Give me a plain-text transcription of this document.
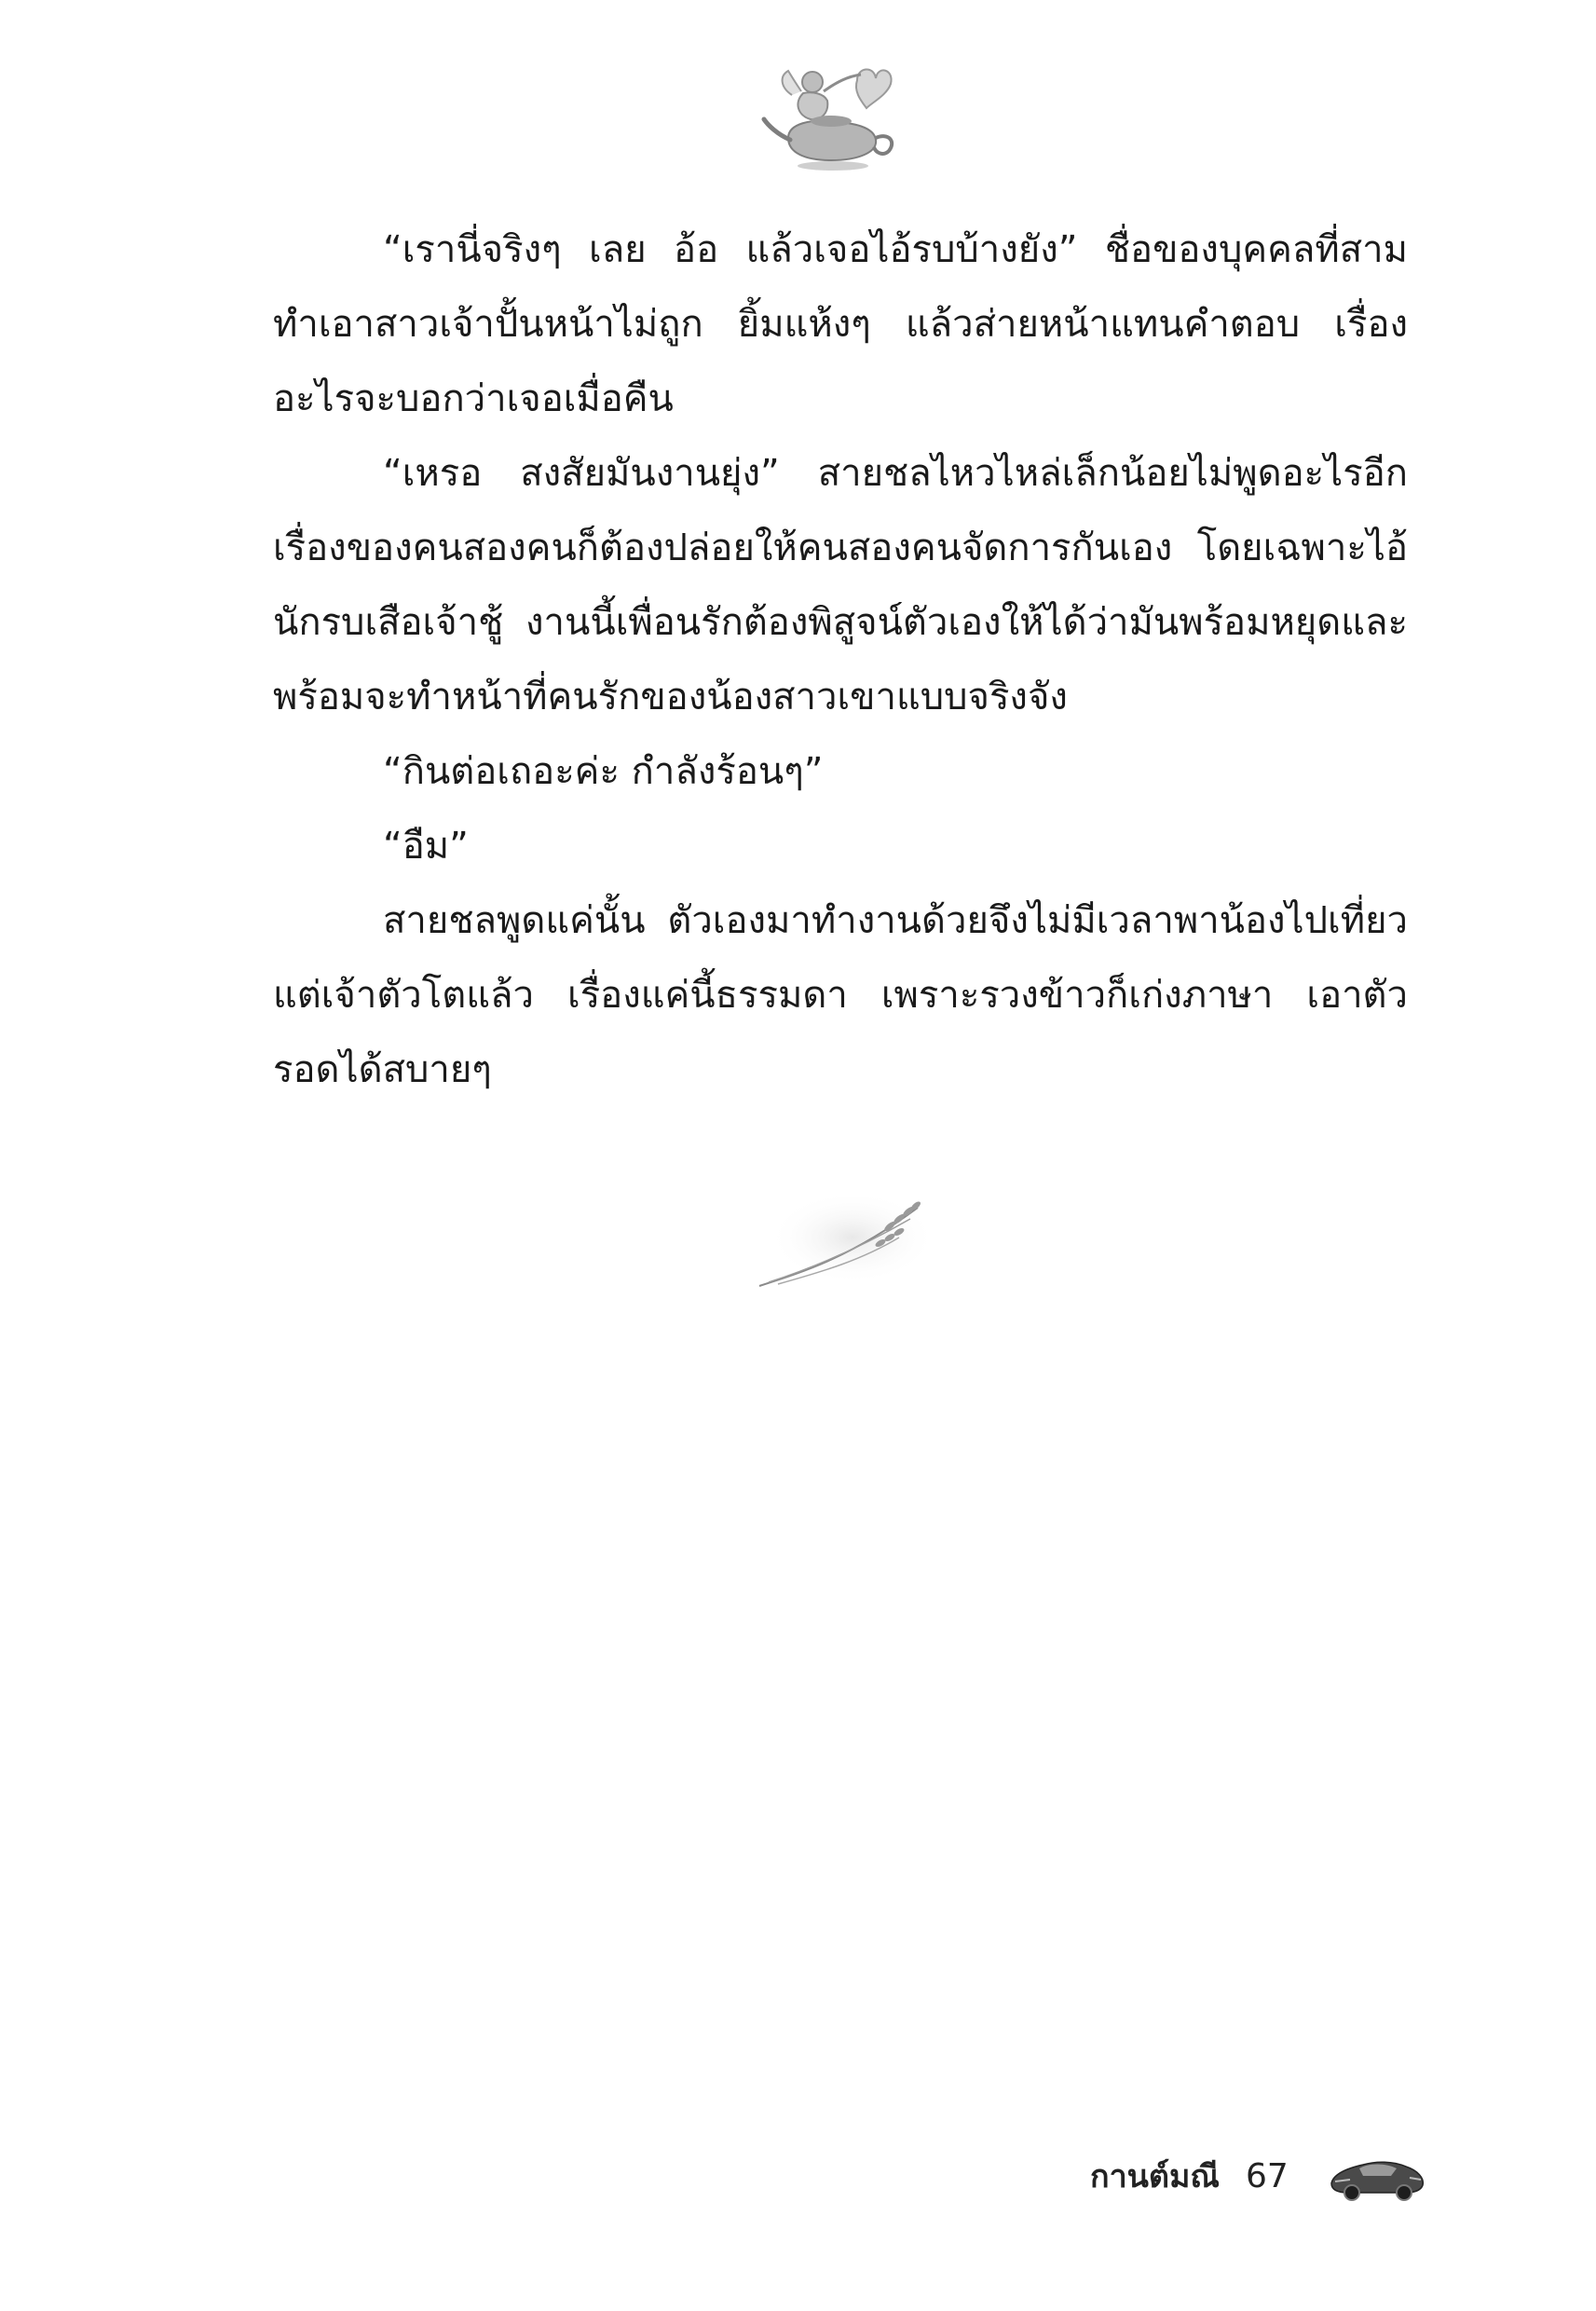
“เรานี่จริงๆ เลย อ้อ แล้วเจอไอ้รบบ้างยัง” ชื่อของบุคคลที่สามทำเอาสาวเจ้าปั้นหน้าไม่ถูก ยิ้มแห้งๆ แล้วส่ายหน้าแทนคำตอบ เรื่องอะไรจะบอกว่าเจอเมื่อคืน

“เหรอ สงสัยมันงานยุ่ง” สายชลไหวไหล่เล็กน้อยไม่พูดอะไรอีก เรื่องของคนสองคนก็ต้องปล่อยให้คนสองคนจัดการกันเอง โดยเฉพาะไอ้นักรบเสือเจ้าชู้ งานนี้เพื่อนรักต้องพิสูจน์ตัวเองให้ได้ว่ามันพร้อมหยุดและพร้อมจะทำหน้าที่คนรักของน้องสาวเขาแบบจริงจัง

“กินต่อเถอะค่ะ กำลังร้อนๆ”

“อืม”

สายชลพูดแค่นั้น ตัวเองมาทำงานด้วยจึงไม่มีเวลาพาน้องไปเที่ยว แต่เจ้าตัวโตแล้ว เรื่องแค่นี้ธรรมดา เพราะรวงข้าวก็เก่งภาษา เอาตัวรอดได้สบายๆ

กานต์มณี 67
